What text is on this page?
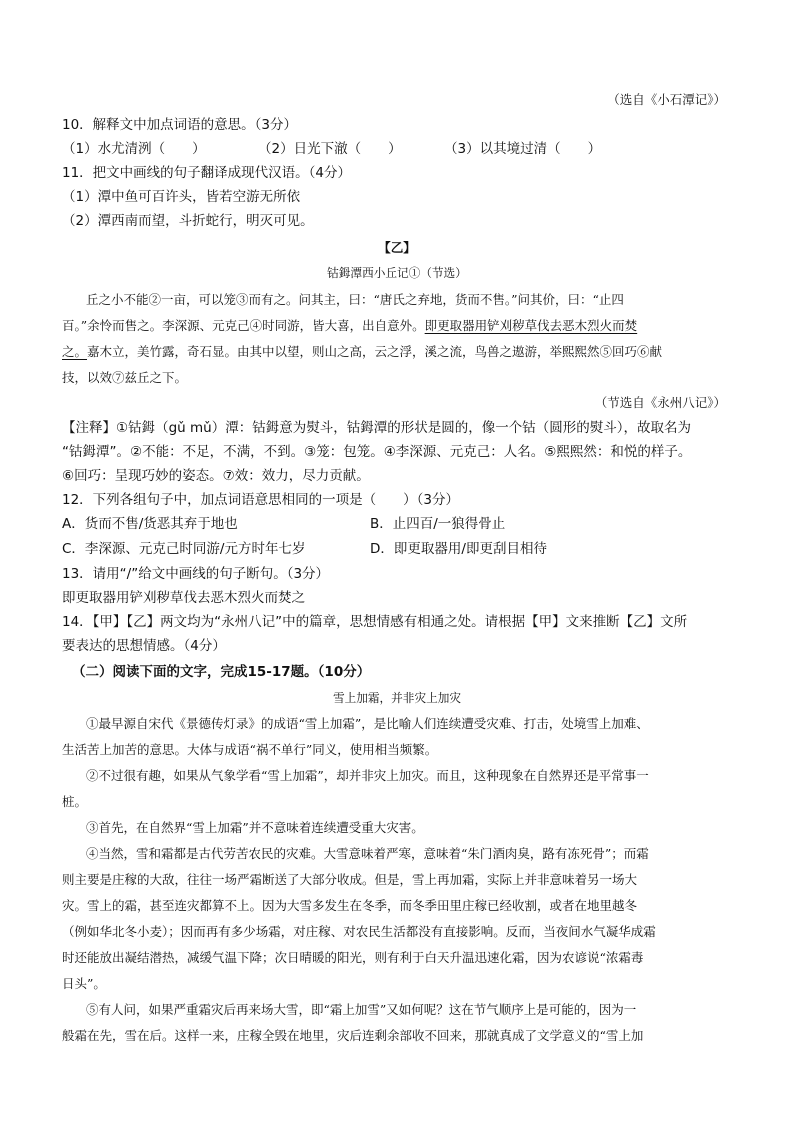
（选自《小石潭记》）
10．解释文中加点词语的意思。（3分）
（1）水尤清洌（　　）	（2）日光下澈（　　）	（3）以其境过清（　　）
11．把文中画线的句子翻译成现代汉语。（4分）
（1）潭中鱼可百许头，皆若空游无所依
（2）潭西南而望，斗折蛇行，明灭可见。
【乙】
钴鉧潭西小丘记①（节选）
丘之小不能②一亩，可以笼③而有之。问其主，曰：“唐氏之弃地，货而不售。”问其价，曰：“止四
百。”余怜而售之。李深源、元克己④时同游，皆大喜，出自意外。即更取器用铲刈秽草伐去恶木烈火而焚
之。嘉木立，美竹露，奇石显。由其中以望，则山之高，云之浮，溪之流，鸟兽之遨游，举熙熙然⑤回巧⑥献
技，以效⑦兹丘之下。
（节选自《永州八记》）
【注释】①钴鉧（gǔ mǔ）潭：钴鉧意为熨斗，钴鉧潭的形状是圆的，像一个钴（圆形的熨斗），故取名为
“钴鉧潭”。②不能：不足，不满，不到。③笼：包笼。④李深源、元克己：人名。⑤熙熙然：和悦的样子。
⑥回巧：呈现巧妙的姿态。⑦效：效力，尽力贡献。
12．下列各组句子中，加点词语意思相同的一项是（　　）（3分）
A．货而不售/货恶其弃于地也	B．止四百/一狼得骨止
C．李深源、元克己时同游/元方时年七岁	D．即更取器用/即更刮目相待
13．请用“/”给文中画线的句子断句。（3分）
即更取器用铲刈秽草伐去恶木烈火而焚之
14．【甲】【乙】两文均为“永州八记”中的篇章，思想情感有相通之处。请根据【甲】文来推断【乙】文所
要表达的思想情感。（4分）
（二）阅读下面的文字，完成15-17题。（10分）
雪上加霜，并非灾上加灾
①最早源自宋代《景德传灯录》的成语“雪上加霜”，是比喻人们连续遭受灾难、打击，处境雪上加难、
生活苦上加苦的意思。大体与成语“祸不单行”同义，使用相当频繁。
②不过很有趣，如果从气象学看“雪上加霜”，却并非灾上加灾。而且，这种现象在自然界还是平常事一
桩。
③首先，在自然界“雪上加霜”并不意味着连续遭受重大灾害。
④当然，雪和霜都是古代劳苦农民的灾难。大雪意味着严寒，意味着“朱门酒肉臭，路有冻死骨”；而霜
则主要是庄稼的大敌，往往一场严霜断送了大部分收成。但是，雪上再加霜，实际上并非意味着另一场大
灾。雪上的霜，甚至连灾都算不上。因为大雪多发生在冬季，而冬季田里庄稼已经收割，或者在地里越冬
（例如华北冬小麦）；因而再有多少场霜，对庄稼、对农民生活都没有直接影响。反而，当夜间水气凝华成霜
时还能放出凝结潜热，减缓气温下降；次日晴暖的阳光，则有利于白天升温迅速化霜，因为农谚说“浓霜毒
日头”。
⑤有人问，如果严重霜灾后再来场大雪，即“霜上加雪”又如何呢？这在节气顺序上是可能的，因为一
般霜在先，雪在后。这样一来，庄稼全毁在地里，灾后连剩余部收不回来，那就真成了文学意义的“雪上加
